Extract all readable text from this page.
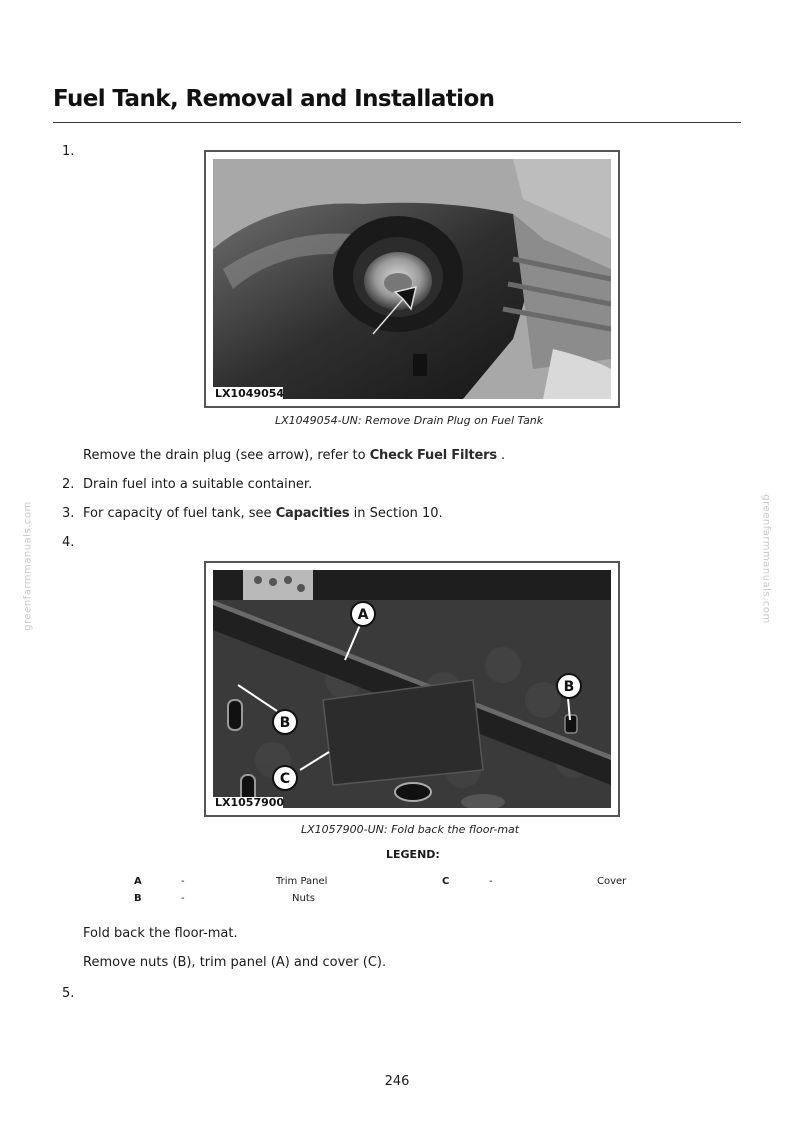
Fuel Tank, Removal and Installation
1.
LX1049054
LX1049054-UN: Remove Drain Plug on Fuel Tank
Remove the drain plug (see arrow), refer to Check Fuel Filters .
2. Drain fuel into a suitable container.
3. For capacity of fuel tank, see Capacities in Section 10.
4.
A
B
B
C
LX1057900
LX1057900-UN: Fold back the floor-mat
LEGEND:
A	-	Trim Panel
B	-	Nuts
C	-	Cover
Fold back the floor-mat.
Remove nuts (B), trim panel (A) and cover (C).
5.
greenfarmmanuals.com	greenfarmmanuals.com
246
